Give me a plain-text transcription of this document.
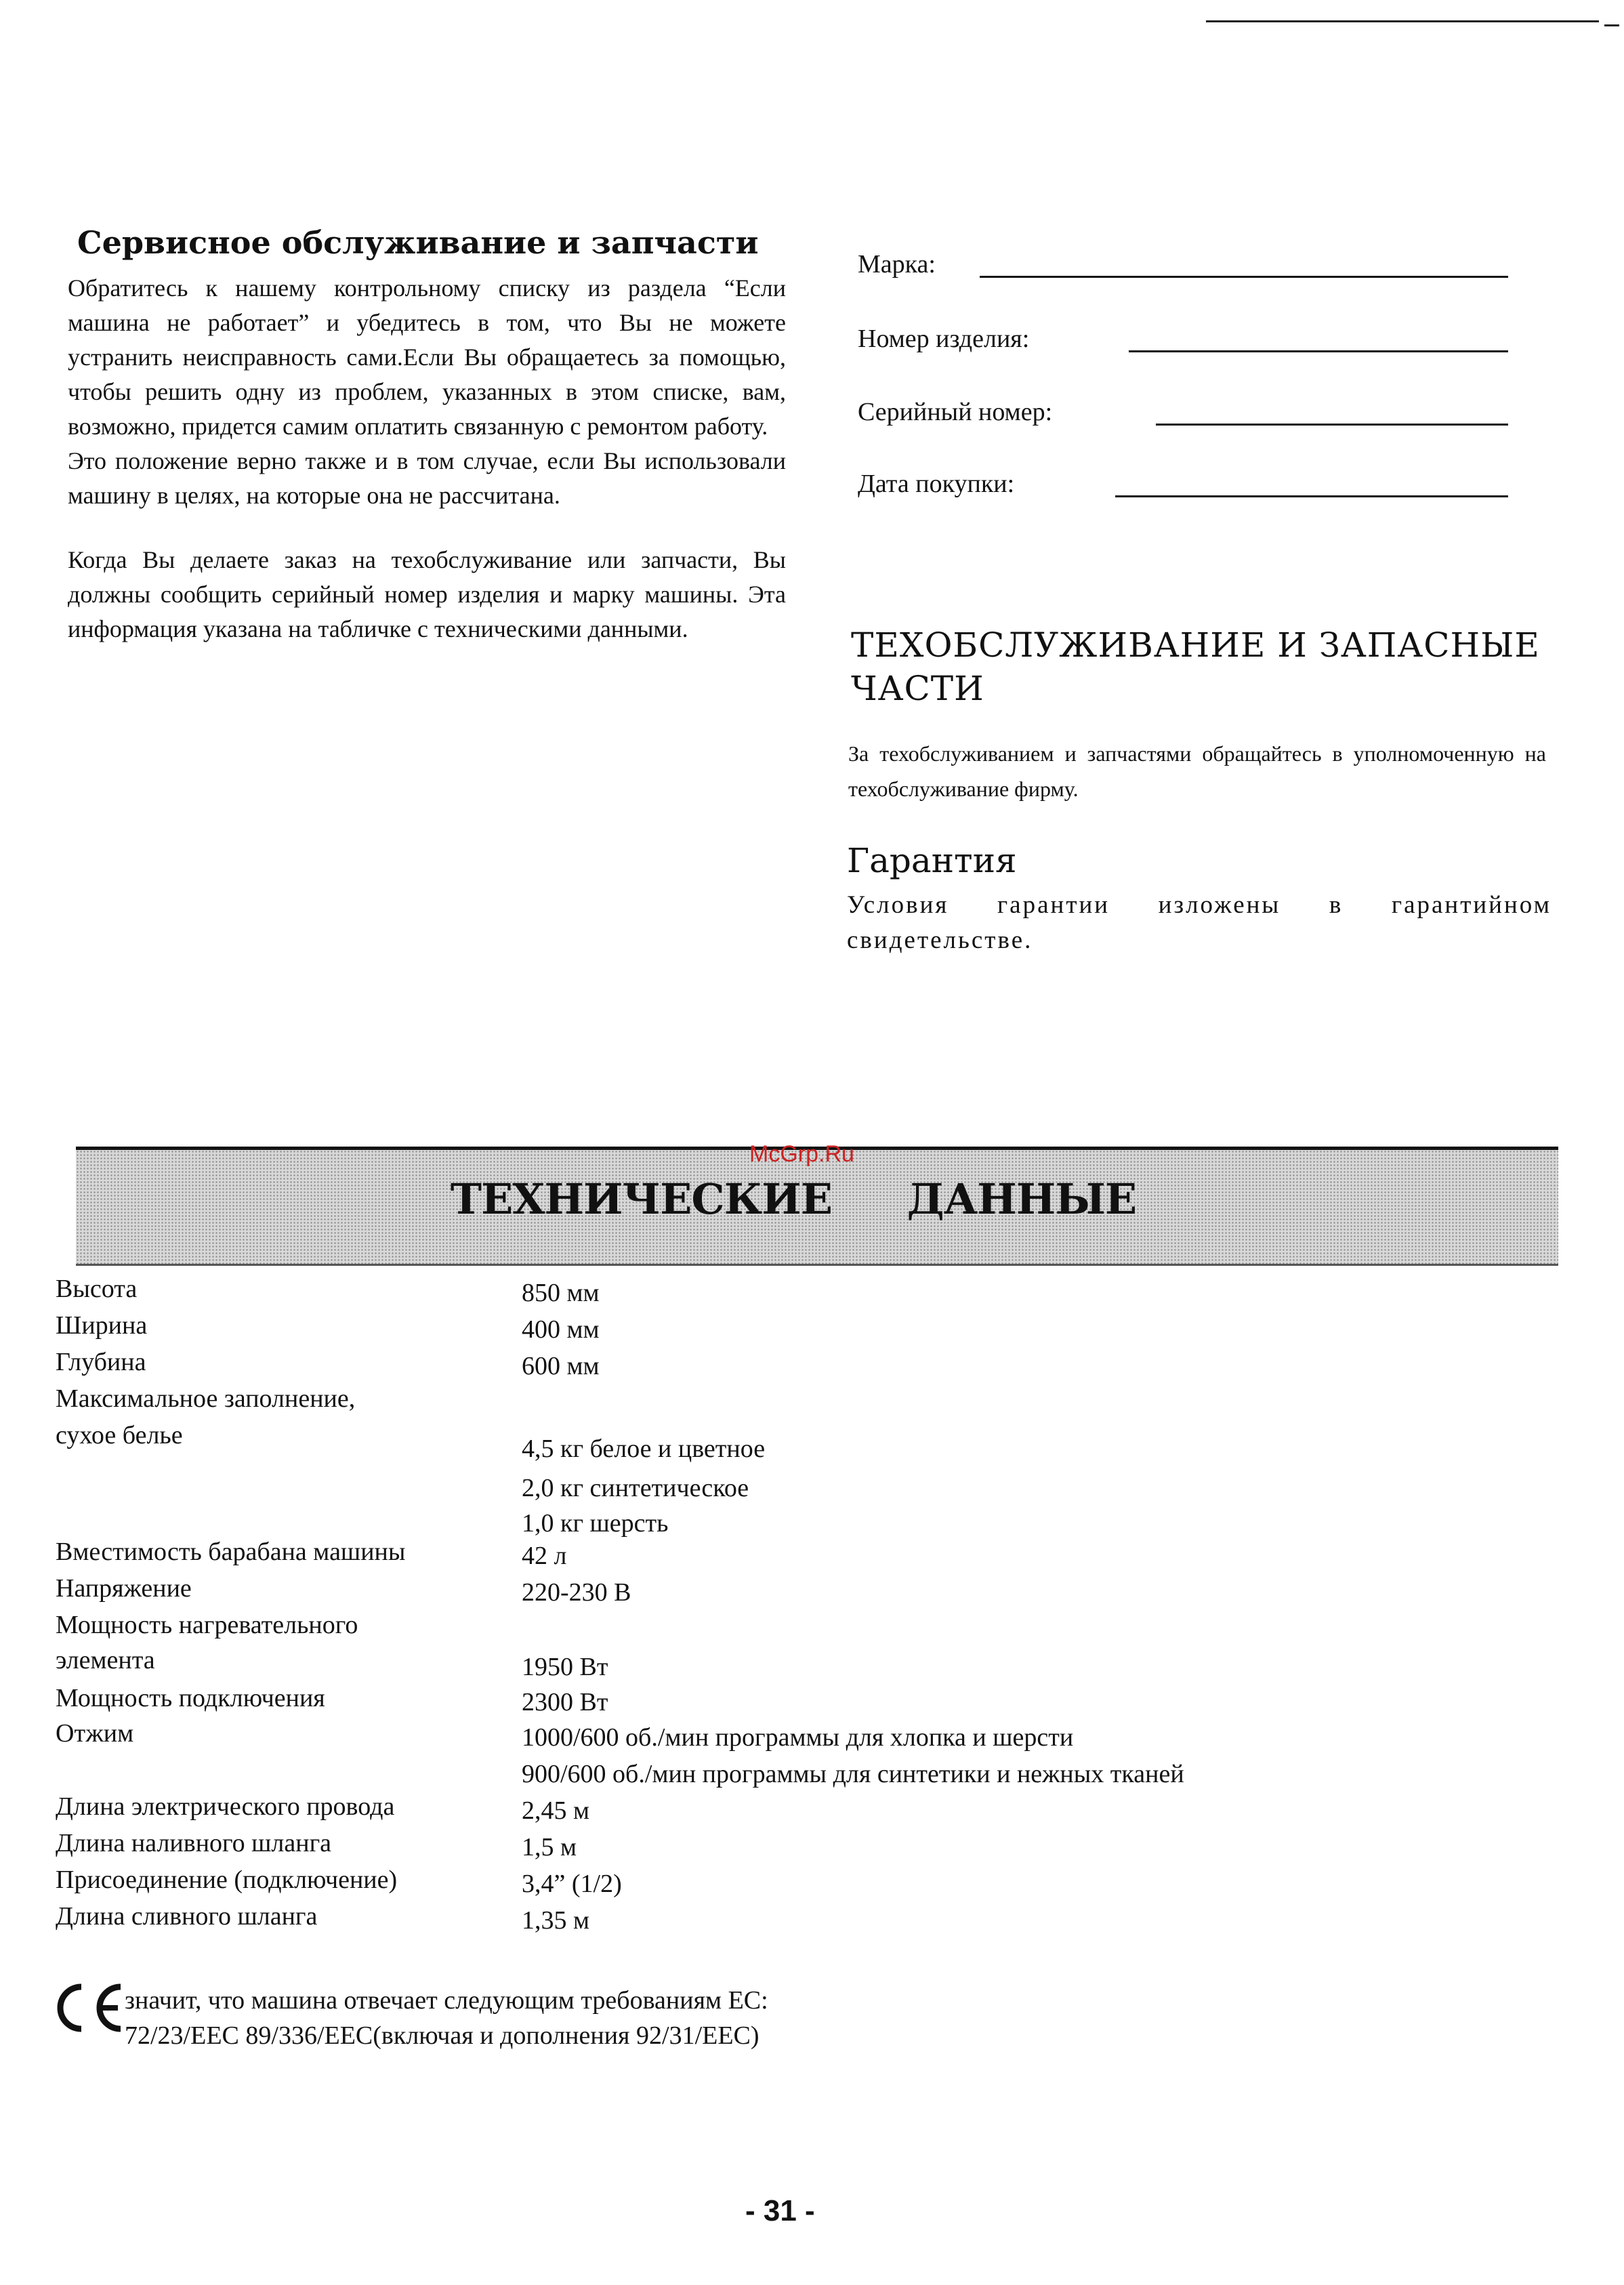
Сервисное обслуживание и запчасти

Обратитесь к нашему контрольному списку из раздела “Если машина не работает” и убедитесь в том, что Вы не можете устранить неисправность сами.Если Вы обращаетесь за помощью, чтобы решить одну из проблем, указанных в этом списке, вам, возможно, придется самим оплатить связанную с ремонтом работу.

Это положение верно также и в том случае, если Вы использовали машину в целях, на которые она не рассчитана.

Когда Вы делаете заказ на техобслуживание или запчасти, Вы должны сообщить серийный номер изделия и марку машины. Эта информация указана на табличке с техническими данными.

Марка:
Номер изделия:
Серийный номер:
Дата покупки:
ТЕХОБСЛУЖИВАНИЕ И ЗАПАСНЫЕ ЧАСТИ
За техобслуживанием и запчастями обращайтесь в уполномоченную на техобслуживание фирму.
Гарантия
Условия гарантии изложены в гарантийном свидетельстве.
ТЕХНИЧЕСКИЕ ДАННЫЕ
McGrp.Ru
Высота	850 мм
Ширина	400 мм
Глубина	600 мм
Максимальное заполнение,
сухое белье	4,5 кг белое и цветное
2,0 кг синтетическое
1,0 кг шерсть
Вместимость барабана машины	42 л
Напряжение	220-230 В
Мощность нагревательного
элемента	1950 Вт
Мощность подключения	2300 Вт
Отжим	1000/600 об./мин программы для хлопка и шерсти
900/600 об./мин программы для синтетики и нежных тканей
Длина электрического провода	2,45 м
Длина наливного шланга	1,5 м
Присоединение (подключение)	3,4” (1/2)
Длина сливного шланга	1,35 м
значит, что машина отвечает следующим требованиям ЕС:
72/23/ЕЕС 89/336/ЕЕС(включая и дополнения 92/31/ЕЕС)
- 31 -
